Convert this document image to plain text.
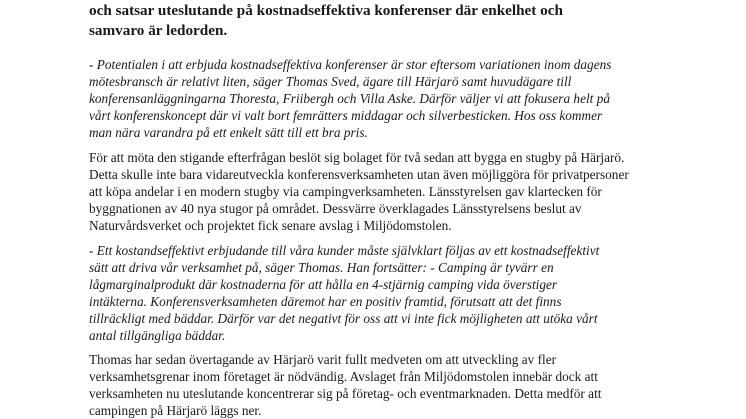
och satsar uteslutande på kostnadseffektiva konferenser där enkelhet och
samvaro är ledorden.

- Potentialen i att erbjuda kostnadseffektiva konferenser är stor eftersom variationen inom dagens
mötesbransch är relativt liten, säger Thomas Sved, ägare till Härjarö samt huvudägare till
konferensanläggningarna Thoresta, Friibergh och Villa Aske. Därför väljer vi att fokusera helt på
vårt konferenskoncept där vi valt bort femrätters middagar och silverbesticken. Hos oss kommer
man nära varandra på ett enkelt sätt till ett bra pris.

För att möta den stigande efterfrågan beslöt sig bolaget för två sedan att bygga en stugby på Härjarö.
Detta skulle inte bara vidareutveckla konferensverksamheten utan även möjliggöra för privatpersoner
att köpa andelar i en modern stugby via campingverksamheten. Länsstyrelsen gav klartecken för
byggnationen av 40 nya stugor på området. Dessvärre överklagades Länsstyrelsens beslut av
Naturvårdsverket och projektet fick senare avslag i Miljödomstolen.

- Ett kostandseffektivt erbjudande till våra kunder måste självklart följas av ett kostnadseffektivt
sätt att driva vår verksamhet på, säger Thomas. Han fortsätter: - Camping är tyvärr en
lågmarginalprodukt där kostnaderna för att hålla en 4-stjärnig camping vida överstiger
intäkterna. Konferensverksamheten däremot har en positiv framtid, förutsatt att det finns
tillräckligt med bäddar. Därför var det negativt för oss att vi inte fick möjligheten att utöka vårt
antal tillgängliga bäddar.

Thomas har sedan övertagande av Härjarö varit fullt medveten om att utveckling av fler
verksamhetsgrenar inom företaget är nödvändig. Avslaget från Miljödomstolen innebär dock att
verksamheten nu uteslutande koncentrerar sig på företag- och eventmarknaden. Detta medför att
campingen på Härjarö läggs ner.
